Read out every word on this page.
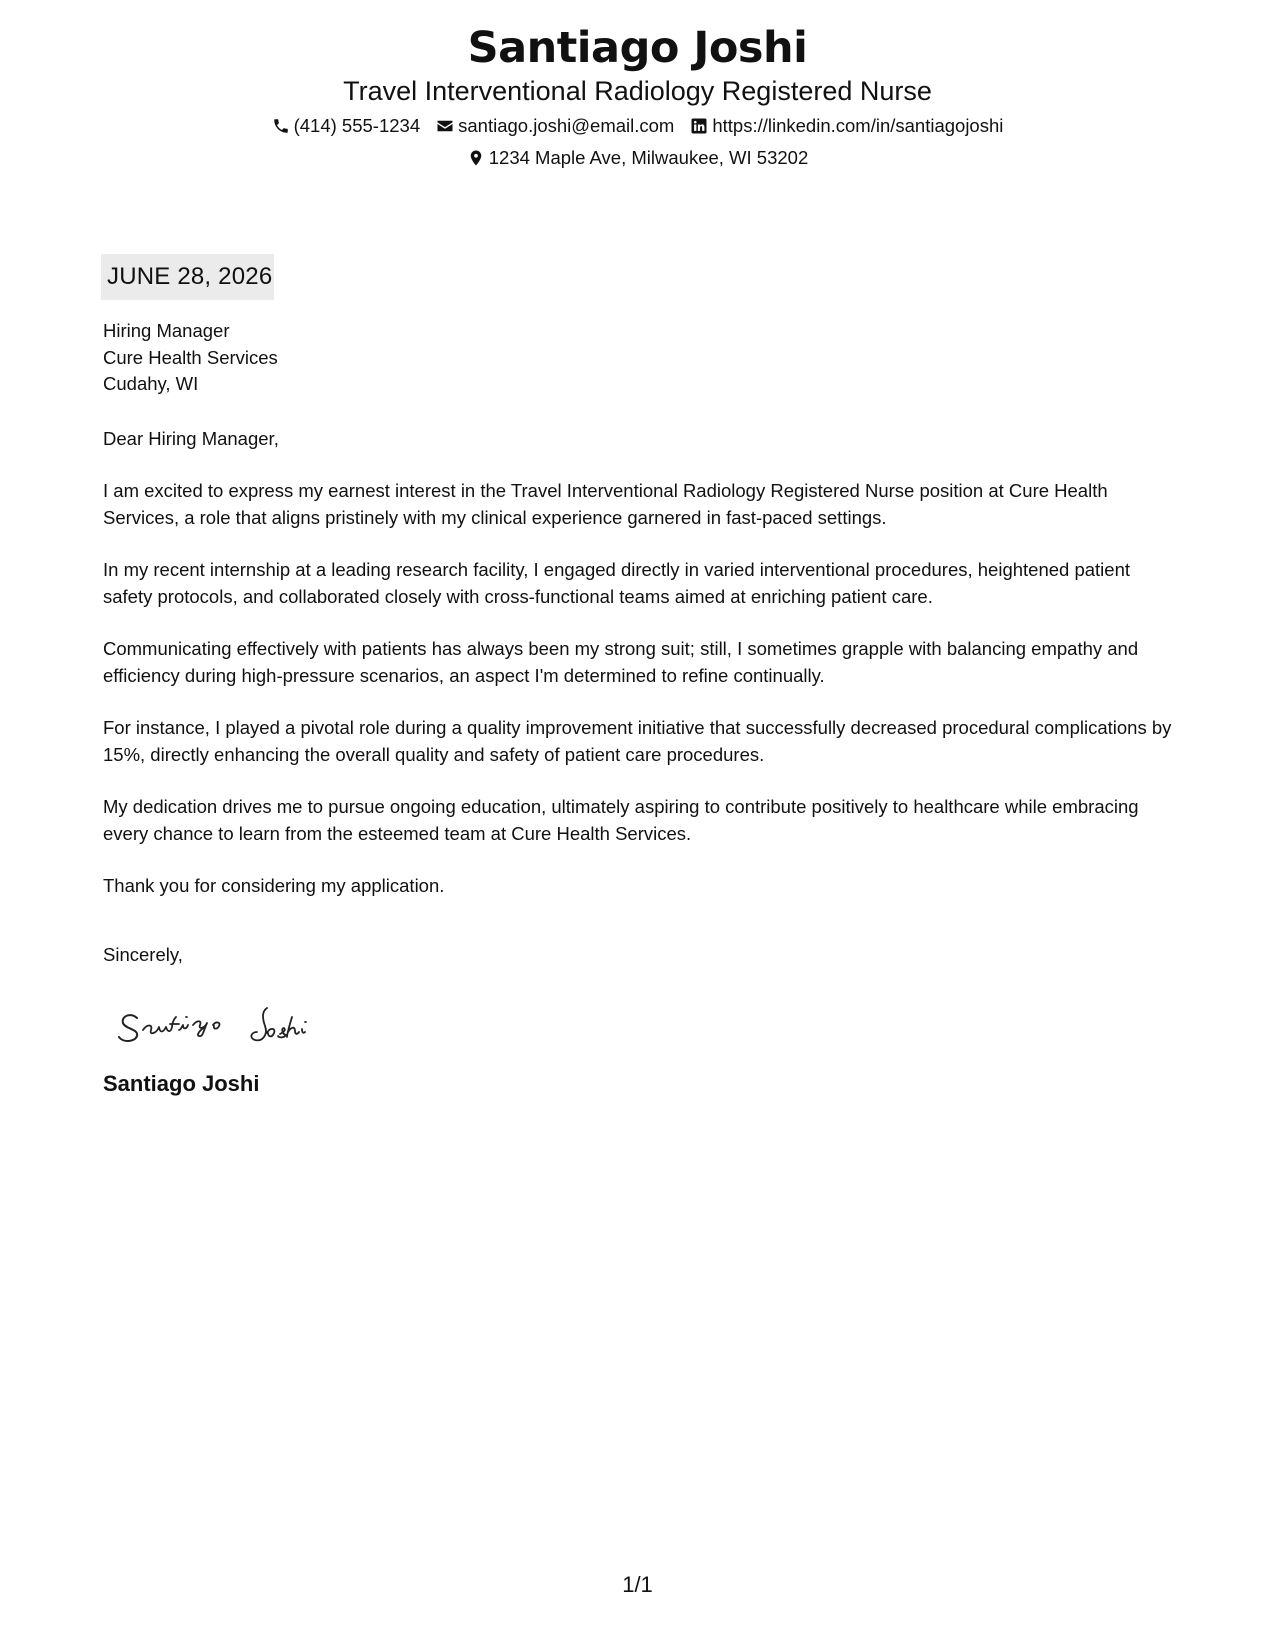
Santiago Joshi
Travel Interventional Radiology Registered Nurse
(414) 555-1234 santiago.joshi@email.com https://linkedin.com/in/santiagojoshi
1234 Maple Ave, Milwaukee, WI 53202
JUNE 28, 2026
Hiring Manager
Cure Health Services
Cudahy, WI

Dear Hiring Manager,

I am excited to express my earnest interest in the Travel Interventional Radiology Registered Nurse position at Cure Health Services, a role that aligns pristinely with my clinical experience garnered in fast-paced settings.

In my recent internship at a leading research facility, I engaged directly in varied interventional procedures, heightened patient safety protocols, and collaborated closely with cross-functional teams aimed at enriching patient care.

Communicating effectively with patients has always been my strong suit; still, I sometimes grapple with balancing empathy and efficiency during high-pressure scenarios, an aspect I'm determined to refine continually.

For instance, I played a pivotal role during a quality improvement initiative that successfully decreased procedural complications by 15%, directly enhancing the overall quality and safety of patient care procedures.

My dedication drives me to pursue ongoing education, ultimately aspiring to contribute positively to healthcare while embracing every chance to learn from the esteemed team at Cure Health Services.

Thank you for considering my application.

Sincerely,
Santiago Joshi
1/1
